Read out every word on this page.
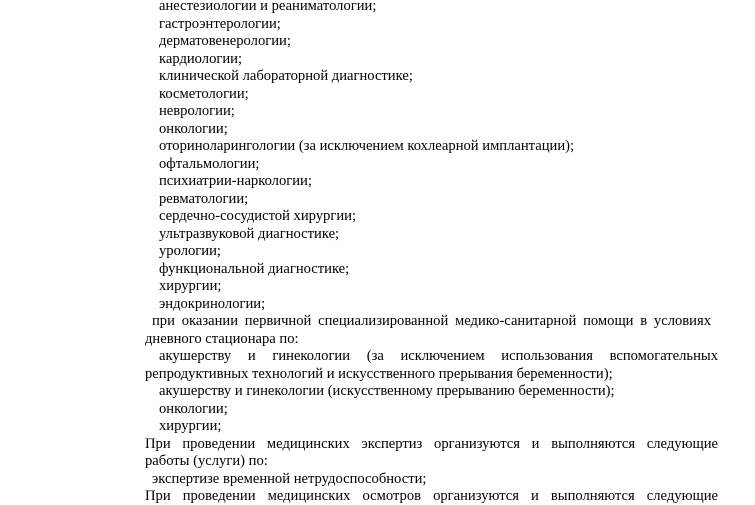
анестезиологии и реаниматологии;
гастроэнтерологии;
дерматовенерологии;
кардиологии;
клинической лабораторной диагностике;
косметологии;
неврологии;
онкологии;
оториноларингологии (за исключением кохлеарной имплантации);
офтальмологии;
психиатрии-наркологии;
ревматологии;
сердечно-сосудистой хирургии;
ультразвуковой диагностике;
урологии;
функциональной диагностике;
хирургии;
эндокринологии;
при оказании первичной специализированной медико-санитарной помощи в условиях
дневного стационара по:
акушерству и гинекологии (за исключением использования вспомогательных
репродуктивных технологий и искусственного прерывания беременности);
акушерству и гинекологии (искусственному прерыванию беременности);
онкологии;
хирургии;
При проведении медицинских экспертиз организуются и выполняются следующие
работы (услуги) по:
экспертизе временной нетрудоспособности;
При проведении медицинских осмотров организуются и выполняются следующие
